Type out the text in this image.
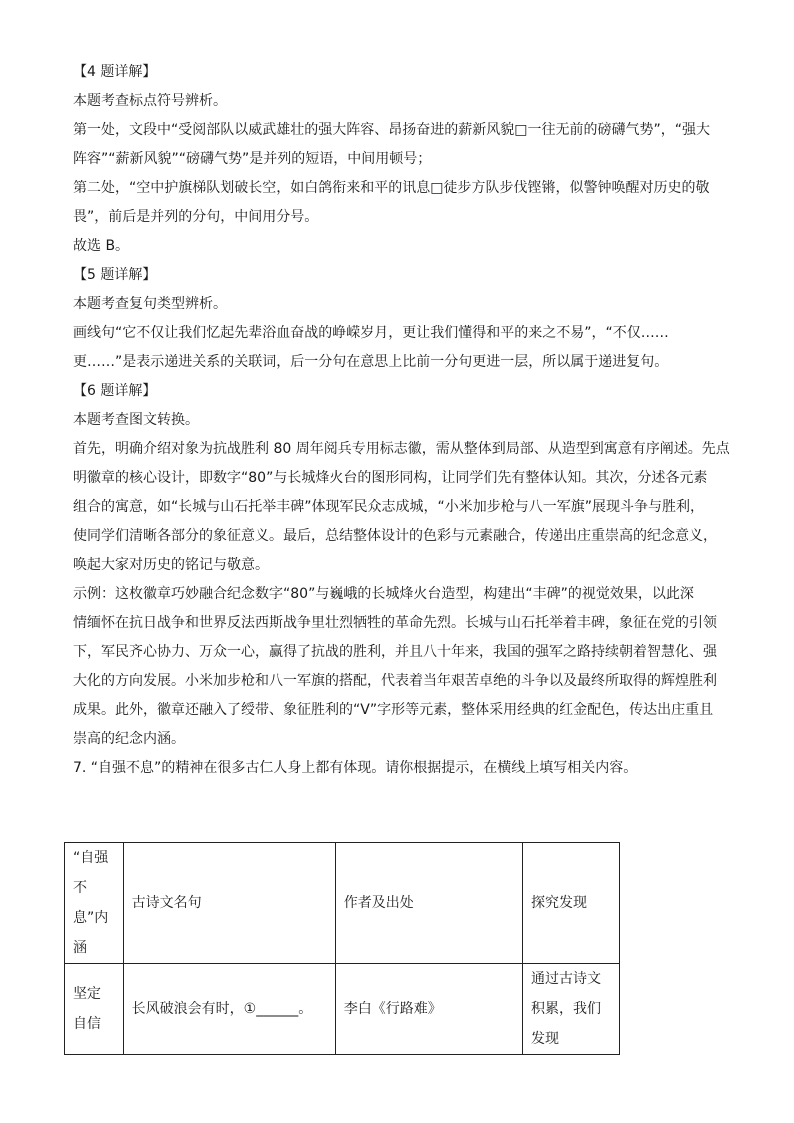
【4 题详解】

本题考查标点符号辨析。

第一处，文段中“受阅部队以威武雄壮的强大阵容、昂扬奋进的薪新风貌□一往无前的磅礴气势”，“强大

阵容”“薪新风貌”“磅礴气势”是并列的短语，中间用顿号；

第二处，“空中护旗梯队划破长空，如白鸽衔来和平的讯息□徒步方队步伐铿锵，似警钟唤醒对历史的敬

畏”，前后是并列的分句，中间用分号。

故选 B。

【5 题详解】

本题考查复句类型辨析。

画线句“它不仅让我们忆起先辈浴血奋战的峥嵘岁月，更让我们懂得和平的来之不易”，“不仅……

更……”是表示递进关系的关联词，后一分句在意思上比前一分句更进一层，所以属于递进复句。

【6 题详解】

本题考查图文转换。

首先，明确介绍对象为抗战胜利 80 周年阅兵专用标志徽，需从整体到局部、从造型到寓意有序阐述。先点

明徽章的核心设计，即数字“80”与长城烽火台的图形同构，让同学们先有整体认知。其次，分述各元素

组合的寓意，如“长城与山石托举丰碑”体现军民众志成城，“小米加步枪与八一军旗”展现斗争与胜利，

使同学们清晰各部分的象征意义。最后，总结整体设计的色彩与元素融合，传递出庄重崇高的纪念意义，

唤起大家对历史的铭记与敬意。

示例：这枚徽章巧妙融合纪念数字“80”与巍峨的长城烽火台造型，构建出“丰碑”的视觉效果，以此深

情缅怀在抗日战争和世界反法西斯战争里壮烈牺牲的革命先烈。长城与山石托举着丰碑，象征在党的引领

下，军民齐心协力、万众一心，赢得了抗战的胜利，并且八十年来，我国的强军之路持续朝着智慧化、强

大化的方向发展。小米加步枪和八一军旗的搭配，代表着当年艰苦卓绝的斗争以及最终所取得的辉煌胜利

成果。此外，徽章还融入了绶带、象征胜利的“V”字形等元素，整体采用经典的红金配色，传达出庄重且

崇高的纪念内涵。

7. “自强不息”的精神在很多古仁人身上都有体现。请你根据提示，在横线上填写相关内容。

“自强不息”内涵	古诗文名句	作者及出处	探究发现
坚定自信	长风破浪会有时，①______。	李白《行路难》	通过古诗文积累，我们发现
